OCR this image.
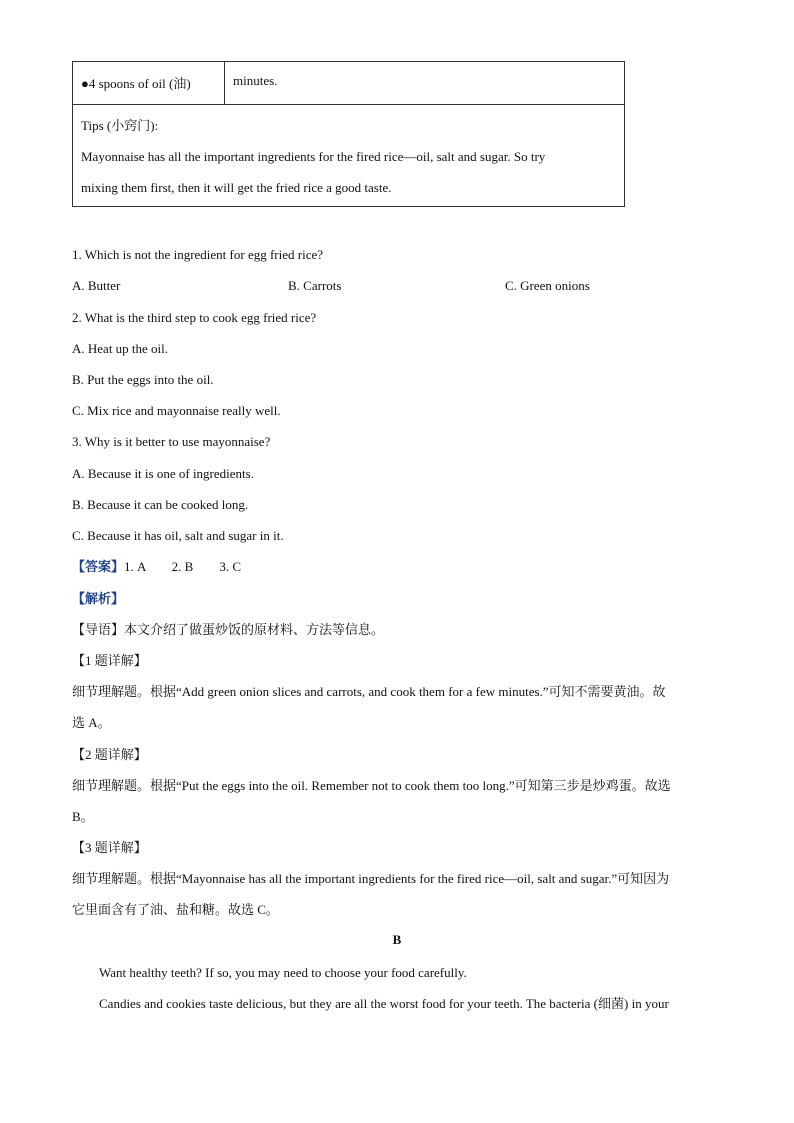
●4 spoons of oil (油)	minutes.
Tips (小窍门):
Mayonnaise has all the important ingredients for the fired rice—oil, salt and sugar. So try
mixing them first, then it will get the fried rice a good taste.
1. Which is not the ingredient for egg fried rice?
A. Butter	B. Carrots	C. Green onions
2. What is the third step to cook egg fried rice?
A. Heat up the oil.
B. Put the eggs into the oil.
C. Mix rice and mayonnaise really well.
3. Why is it better to use mayonnaise?
A. Because it is one of ingredients.
B. Because it can be cooked long.
C. Because it has oil, salt and sugar in it.
【答案】1. A        2. B        3. C
【解析】
【导语】本文介绍了做蛋炒饭的原材料、方法等信息。
【1 题详解】
细节理解题。根据“Add green onion slices and carrots, and cook them for a few minutes.”可知不需要黄油。故
选 A。
【2 题详解】
细节理解题。根据“Put the eggs into the oil. Remember not to cook them too long.”可知第三步是炒鸡蛋。故选
B。
【3 题详解】
细节理解题。根据“Mayonnaise has all the important ingredients for the fired rice—oil, salt and sugar.”可知因为
它里面含有了油、盐和糖。故选 C。
B
Want healthy teeth? If so, you may need to choose your food carefully.
Candies and cookies taste delicious, but they are all the worst food for your teeth. The bacteria (细菌) in your
